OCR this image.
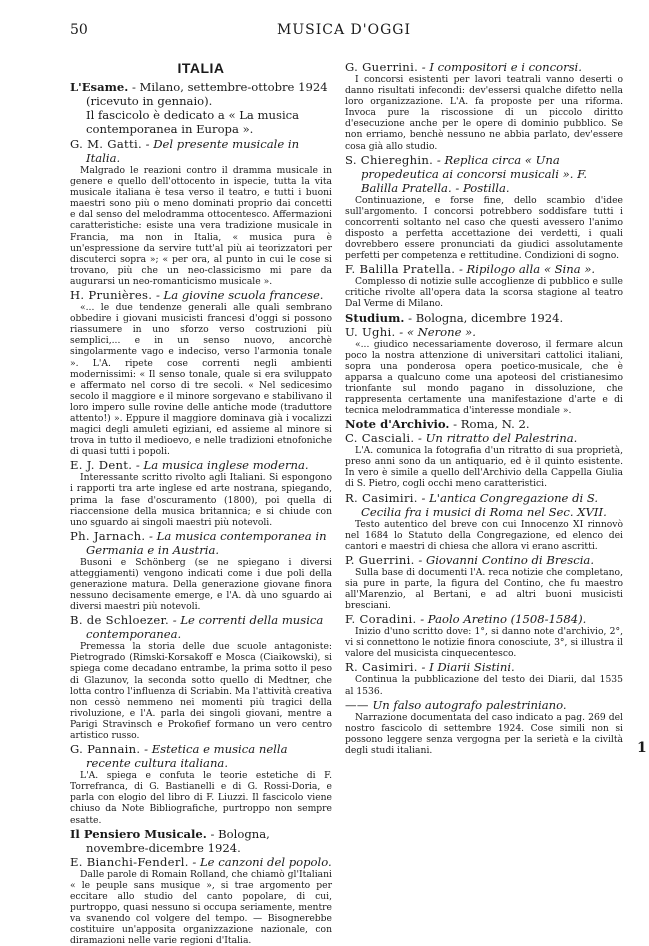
50	MUSICA D'OGGI
ITALIA

L'Esame. - Milano, settembre-ottobre 1924 (ricevuto in gennaio).

Il fascicolo è dedicato a « La musica contemporanea in Europa ».

G. M. Gatti. - Del presente musicale in Italia.

Malgrado le reazioni contro il dramma musicale in genere e quello dell'ottocento in ispecie, tutta la vita musicale italiana è tesa verso il teatro, e tutti i buoni maestri sono più o meno dominati proprio dai concetti e dal senso del melodramma ottocentesco. Affermazioni caratteristiche: esiste una vera tradizione musicale in Francia, ma non in Italia, « musica pura è un'espressione da servire tutt'al più ai teorizzatori per discuterci sopra »; « per ora, al punto in cui le cose si trovano, più che un neo-classicismo mi pare da augurarsi un neo-romanticismo musicale ».

H. Prunières. - La giovine scuola francese.

«... le due tendenze generali alle quali sembrano obbedire i giovani musicisti francesi d'oggi si possono riassumere in uno sforzo verso costruzioni più semplici,... e in un senso nuovo, ancorchè singolarmente vago e indeciso, verso l'armonia tonale ». L'A. ripete cose correnti negli ambienti modernissimi: « Il senso tonale, quale si era sviluppato e affermato nel corso di tre secoli. « Nel sedicesimo secolo il maggiore e il minore sorgevano e stabilivano il loro impero sulle rovine delle antiche mode (traduttore attento!) ». Eppure il maggiore dominava già i vocalizzi magici degli amuleti egiziani, ed assieme al minore si trova in tutto il medioevo, e nelle tradizioni etnofoniche di quasi tutti i popoli.

E. J. Dent. - La musica inglese moderna.

Interessante scritto rivolto agli Italiani. Si espongono i rapporti tra arte inglese ed arte nostrana, spiegando, prima la fase d'oscuramento (1800), poi quella di riaccensione della musica britannica; e si chiude con uno sguardo ai singoli maestri più notevoli.

Ph. Jarnach. - La musica contemporanea in Germania e in Austria.

Busoni e Schönberg (se ne spiegano i diversi atteggiamenti) vengono indicati come i due poli della generazione matura. Della generazione giovane finora nessuno decisamente emerge, e l'A. dà uno sguardo ai diversi maestri più notevoli.

B. de Schloezer. - Le correnti della musica contemporanea.

Premessa la storia delle due scuole antagoniste: Pietrogrado (Rimski-Korsakoff e Mosca (Ciaikowski), si spiega come decadano entrambe, la prima sotto il peso di Glazunov, la seconda sotto quello di Medtner, che lotta contro l'influenza di Scriabin. Ma l'attività creativa non cessò nemmeno nei momenti più tragici della rivoluzione, e l'A. parla dei singoli giovani, mentre a Parigi Stravinsch e Prokofief formano un vero centro artistico russo.

G. Pannain. - Estetica e musica nella recente cultura italiana.

L'A. spiega e confuta le teorie estetiche di F. Torrefranca, di G. Bastianelli e di G. Rossi-Doria, e parla con elogio del libro di F. Liuzzi. Il fascicolo viene chiuso da Note Bibliografiche, purtroppo non sempre esatte.

Il Pensiero Musicale. - Bologna, novembre-dicembre 1924.

E. Bianchi-Fenderl. - Le canzoni del popolo.

Dalle parole di Romain Rolland, che chiamò gl'Italiani « le peuple sans musique », si trae argomento per eccitare allo studio del canto popolare, di cui, purtroppo, quasi nessuno si occupa seriamente, mentre va svanendo col volgere del tempo. — Bisognerebbe costituire un'apposita organizzazione nazionale, con diramazioni nelle varie regioni d'Italia.

G. Guerrini. - I compositori e i concorsi.

I concorsi esistenti per lavori teatrali vanno deserti o danno risultati infecondi: dev'essersi qualche difetto nella loro organizzazione. L'A. fa proposte per una riforma. Invoca pure la riscossione di un piccolo diritto d'esecuzione anche per le opere di dominio pubblico. Se non erriamo, benchè nessuno ne abbia parlato, dev'essere cosa già allo studio.

S. Chiereghin. - Replica circa « Una propedeutica ai concorsi musicali ». F. Balilla Pratella. - Postilla.

Continuazione, e forse fine, dello scambio d'idee sull'argomento. I concorsi potrebbero soddisfare tutti i concorrenti soltanto nel caso che questi avessero l'animo disposto a perfetta accettazione dei verdetti, i quali dovrebbero essere pronunciati da giudici assolutamente perfetti per competenza e rettitudine. Condizioni di sogno.

F. Balilla Pratella. - Ripilogo alla « Sina ».

Complesso di notizie sulle accoglienze di pubblico e sulle critiche rivolte all'opera data la scorsa stagione al teatro Dal Verme di Milano.

Studium. - Bologna, dicembre 1924.

U. Ughi. - « Nerone ».

«... giudico necessariamente doveroso, il fermare alcun poco la nostra attenzione di universitari cattolici italiani, sopra una ponderosa opera poetico-musicale, che è apparsa a qualcuno come una apoteosi del cristianesimo trionfante sul mondo pagano in dissoluzione, che rappresenta certamente una manifestazione d'arte e di tecnica melodrammatica d'interesse mondiale ».

Note d'Archivio. - Roma, N. 2.

C. Casciali. - Un ritratto del Palestrina.

L'A. comunica la fotografia d'un ritratto di sua proprietà, preso anni sono da un antiquario, ed è il quinto esistente. In vero è simile a quello dell'Archivio della Cappella Giulia di S. Pietro, cogli occhi meno caratteristici.

R. Casimiri. - L'antica Congregazione di S. Cecilia fra i musici di Roma nel Sec. XVII.

Testo autentico del breve con cui Innocenzo XI rinnovò nel 1684 lo Statuto della Congregazione, ed elenco dei cantori e maestri di chiesa che allora vi erano ascritti.

P. Guerrini. - Giovanni Contino di Brescia.

Sulla base di documenti l'A. reca notizie che completano, sia pure in parte, la figura del Contino, che fu maestro all'Marenzio, al Bertani, e ad altri buoni musicisti bresciani.

F. Coradini. - Paolo Aretino (1508-1584).

Inizio d'uno scritto dove: 1°, si danno note d'archivio, 2°, vi si connettono le notizie finora conosciute, 3°, si illustra il valore del musicista cinquecentesco.

R. Casimiri. - I Diarii Sistini.

Continua la pubblicazione del testo dei Diarii, dal 1535 al 1536.

—— Un falso autografo palestriniano.

Narrazione documentata del caso indicato a pag. 269 del nostro fascicolo di settembre 1924. Cose simili non si possono leggere senza vergogna per la serietà e la civiltà degli studi italiani.	1
